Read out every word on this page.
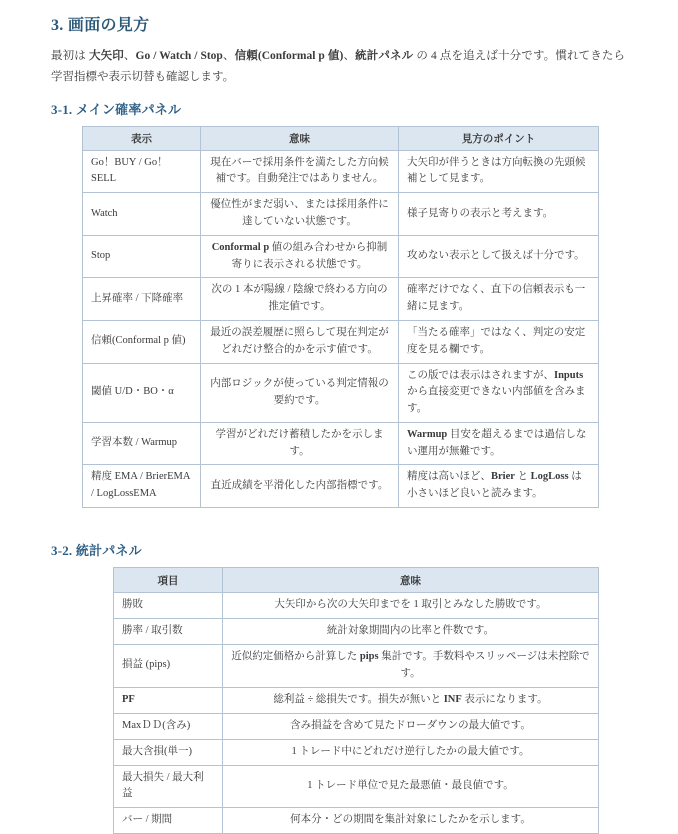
3. 画面の見方

最初は 大矢印、Go / Watch / Stop、信頼(Conformal p 値)、統計パネル の 4 点を追えば十分です。慣れてきたら学習指標や表示切替も確認します。

3-1. メイン確率パネル
表示	意味	見方のポイント
Go！BUY / Go！SELL	現在バーで採用条件を満たした方向候補です。自動発注ではありません。	大矢印が伴うときは方向転換の先頭候補として見ます。
Watch	優位性がまだ弱い、または採用条件に達していない状態です。	様子見寄りの表示と考えます。
Stop	Conformal p 値の組み合わせから抑制寄りに表示される状態です。	攻めない表示として扱えば十分です。
上昇確率 / 下降確率	次の 1 本が陽線 / 陰線で終わる方向の推定値です。	確率だけでなく、直下の信頼表示も一緒に見ます。
信頼(Conformal p 値)	最近の誤差履歴に照らして現在判定がどれだけ整合的かを示す値です。	「当たる確率」ではなく、判定の安定度を見る欄です。
閾値 U/D・BO・α	内部ロジックが使っている判定情報の要約です。	この版では表示はされますが、Inputs から直接変更できない内部値を含みます。
学習本数 / Warmup	学習がどれだけ蓄積したかを示します。	Warmup 目安を超えるまでは過信しない運用が無難です。
精度 EMA / BrierEMA / LogLossEMA	直近成績を平滑化した内部指標です。	精度は高いほど、Brier と LogLoss は小さいほど良いと読みます。
3-2. 統計パネル
項目	意味
勝敗	大矢印から次の大矢印までを 1 取引とみなした勝敗です。
勝率 / 取引数	統計対象期間内の比率と件数です。
損益 (pips)	近似約定価格から計算した pips 集計です。手数料やスリッページは未控除です。
PF	総利益 ÷ 総損失です。損失が無いと INF 表示になります。
MaxＤＤ(含み)	含み損益を含めて見たドローダウンの最大値です。
最大含損(単一)	1 トレード中にどれだけ逆行したかの最大値です。
最大損失 / 最大利益	1 トレード単位で見た最悪値・最良値です。
バー / 期間	何本分・どの期間を集計対象にしたかを示します。
